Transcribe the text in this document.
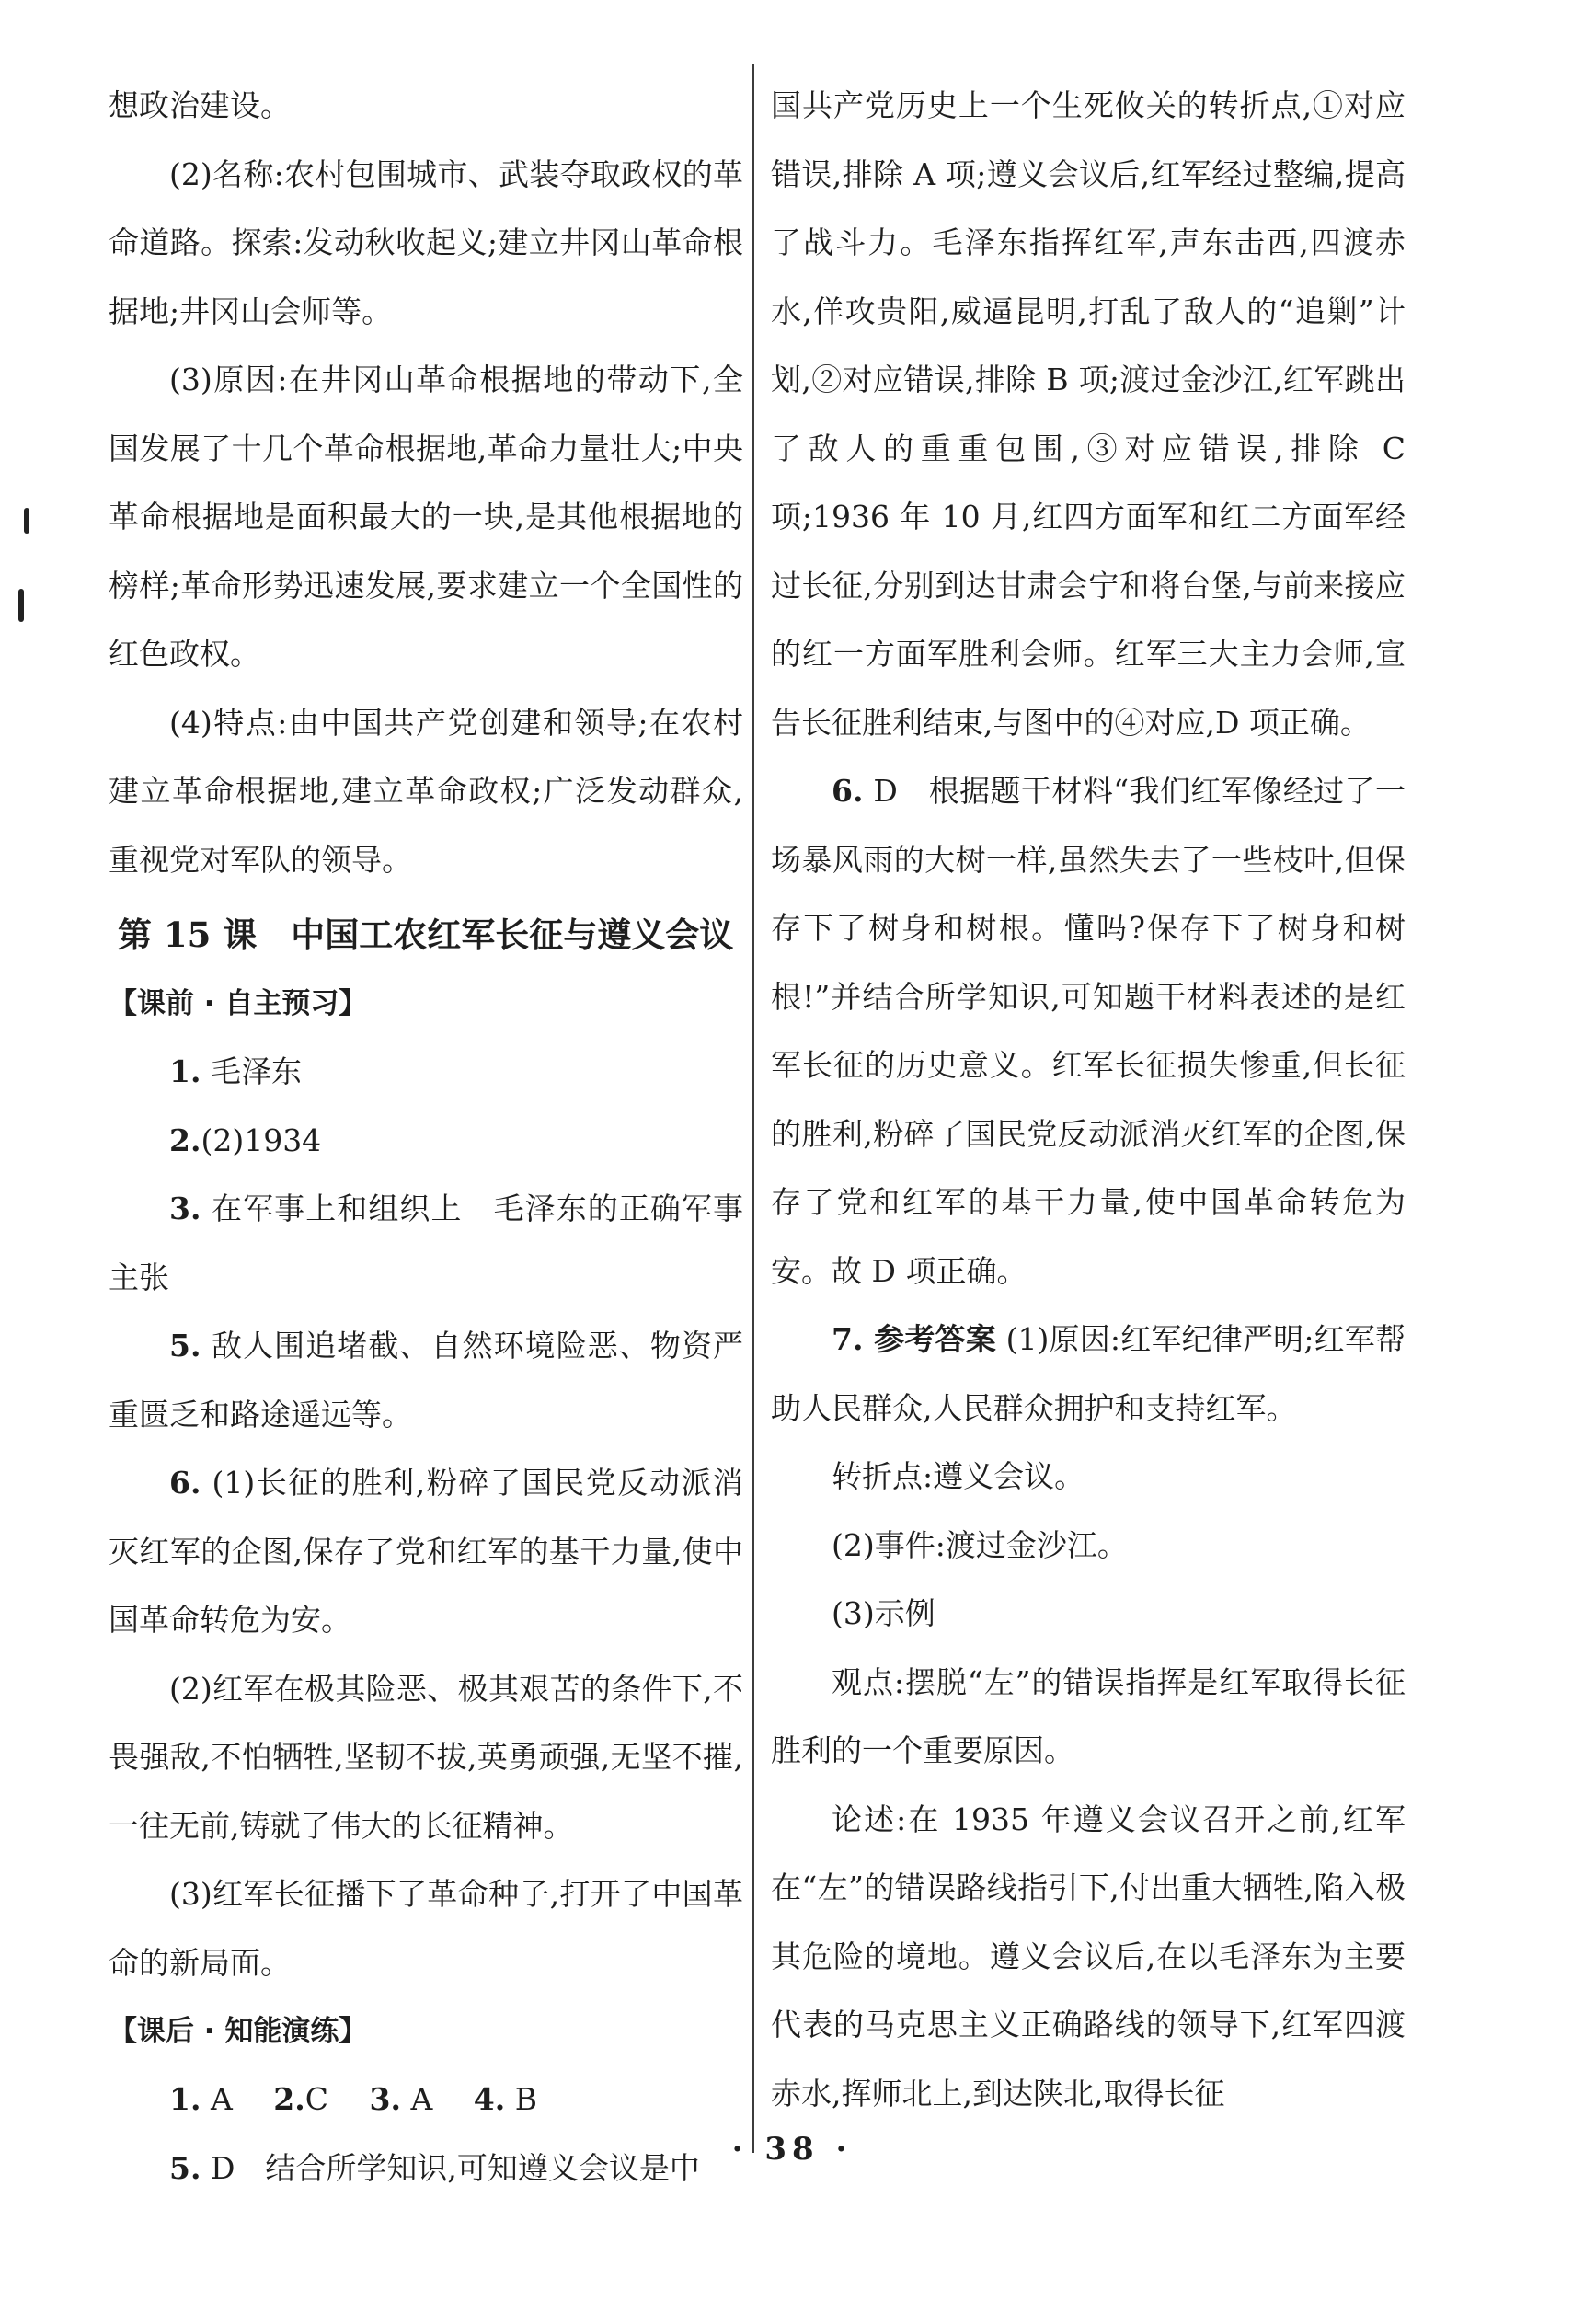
想政治建设。

(2)名称:农村包围城市、武装夺取政权的革命道路。探索:发动秋收起义;建立井冈山革命根据地;井冈山会师等。

(3)原因:在井冈山革命根据地的带动下,全国发展了十几个革命根据地,革命力量壮大;中央革命根据地是面积最大的一块,是其他根据地的榜样;革命形势迅速发展,要求建立一个全国性的红色政权。

(4)特点:由中国共产党创建和领导;在农村建立革命根据地,建立革命政权;广泛发动群众,重视党对军队的领导。

第 15 课　中国工农红军长征与遵义会议
【课前 · 自主预习】

1. 毛泽东

2.(2)1934

3. 在军事上和组织上　毛泽东的正确军事主张

5. 敌人围追堵截、自然环境险恶、物资严重匮乏和路途遥远等。

6. (1)长征的胜利,粉碎了国民党反动派消灭红军的企图,保存了党和红军的基干力量,使中国革命转危为安。

(2)红军在极其险恶、极其艰苦的条件下,不畏强敌,不怕牺牲,坚韧不拔,英勇顽强,无坚不摧,一往无前,铸就了伟大的长征精神。

(3)红军长征播下了革命种子,打开了中国革命的新局面。

【课后 · 知能演练】

1. A 2.C 3. A 4. B

5. D　结合所学知识,可知遵义会议是中

国共产党历史上一个生死攸关的转折点,①对应错误,排除 A 项;遵义会议后,红军经过整编,提高了战斗力。毛泽东指挥红军,声东击西,四渡赤水,佯攻贵阳,威逼昆明,打乱了敌人的“追剿”计划,②对应错误,排除 B 项;渡过金沙江,红军跳出了敌人的重重包围,③对应错误,排除 C 项;1936 年 10 月,红四方面军和红二方面军经过长征,分别到达甘肃会宁和将台堡,与前来接应的红一方面军胜利会师。红军三大主力会师,宣告长征胜利结束,与图中的④对应,D 项正确。

6. D　根据题干材料“我们红军像经过了一场暴风雨的大树一样,虽然失去了一些枝叶,但保存下了树身和树根。懂吗?保存下了树身和树根!”并结合所学知识,可知题干材料表述的是红军长征的历史意义。红军长征损失惨重,但长征的胜利,粉碎了国民党反动派消灭红军的企图,保存了党和红军的基干力量,使中国革命转危为安。故 D 项正确。

7. 参考答案 (1)原因:红军纪律严明;红军帮助人民群众,人民群众拥护和支持红军。

转折点:遵义会议。

(2)事件:渡过金沙江。

(3)示例

观点:摆脱“左”的错误指挥是红军取得长征胜利的一个重要原因。

论述:在 1935 年遵义会议召开之前,红军在“左”的错误路线指引下,付出重大牺牲,陷入极其危险的境地。遵义会议后,在以毛泽东为主要代表的马克思主义正确路线的领导下,红军四渡赤水,挥师北上,到达陕北,取得长征

· 38 ·
